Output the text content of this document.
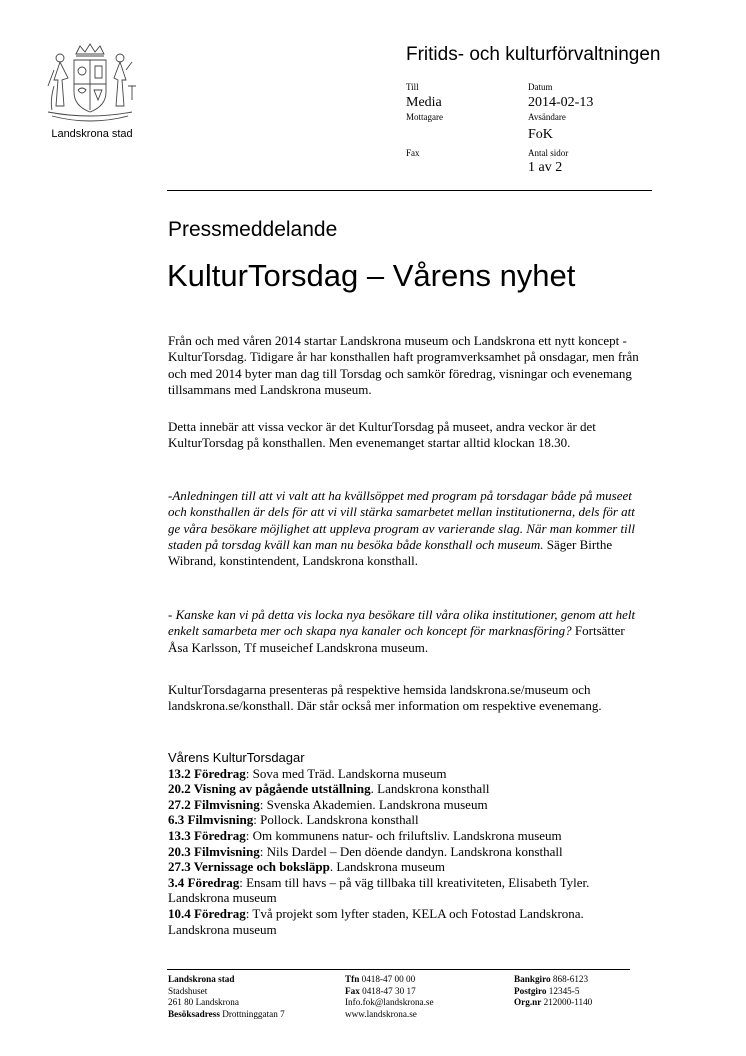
Landskrona stad
Fritids- och kulturförvaltningen
Till
Media
Mottagare
Fax
Datum
2014-02-13
Avsändare
FoK
Antal sidor
1 av 2
Pressmeddelande
KulturTorsdag – Vårens nyhet

Från och med våren 2014 startar Landskrona museum och Landskrona ett nytt koncept - KulturTorsdag. Tidigare år har konsthallen haft programverksamhet på onsdagar, men från och med 2014 byter man dag till Torsdag och samkör föredrag, visningar och evenemang tillsammans med Landskrona museum.

Detta innebär att vissa veckor är det KulturTorsdag på museet, andra veckor är det KulturTorsdag på konsthallen. Men evenemanget startar alltid klockan 18.30.

-Anledningen till att vi valt att ha kvällsöppet med program på torsdagar både på museet och konsthallen är dels för att vi vill stärka samarbetet mellan institutionerna, dels för att ge våra besökare möjlighet att uppleva program av varierande slag. När man kommer till staden på torsdag kväll kan man nu besöka både konsthall och museum. Säger Birthe Wibrand, konstintendent, Landskrona konsthall.

- Kanske kan vi på detta vis locka nya besökare till våra olika institutioner, genom att helt enkelt samarbeta mer och skapa nya kanaler och koncept för marknasföring? Fortsätter Åsa Karlsson, Tf museichef Landskrona museum.

KulturTorsdagarna presenteras på respektive hemsida landskrona.se/museum och landskrona.se/konsthall. Där står också mer information om respektive evenemang.

Vårens KulturTorsdagar
13.2 Föredrag: Sova med Träd. Landskorna museum
20.2 Visning av pågående utställning. Landskrona konsthall
27.2 Filmvisning: Svenska Akademien. Landskrona museum
6.3 Filmvisning: Pollock. Landskrona konsthall
13.3 Föredrag: Om kommunens natur- och friluftsliv. Landskrona museum
20.3 Filmvisning: Nils Dardel – Den döende dandyn. Landskrona konsthall
27.3 Vernissage och boksläpp. Landskrona museum
3.4 Föredrag: Ensam till havs – på väg tillbaka till kreativiteten, Elisabeth Tyler. Landskrona museum
10.4 Föredrag: Två projekt som lyfter staden, KELA och Fotostad Landskrona. Landskrona museum
Landskrona stad
Stadshuset
261 80 Landskrona
Besöksadress Drottninggatan 7
Tfn 0418-47 00 00
Fax 0418-47 30 17
Info.fok@landskrona.se
www.landskrona.se
Bankgiro 868-6123
Postgiro 12345-5
Org.nr 212000-1140
